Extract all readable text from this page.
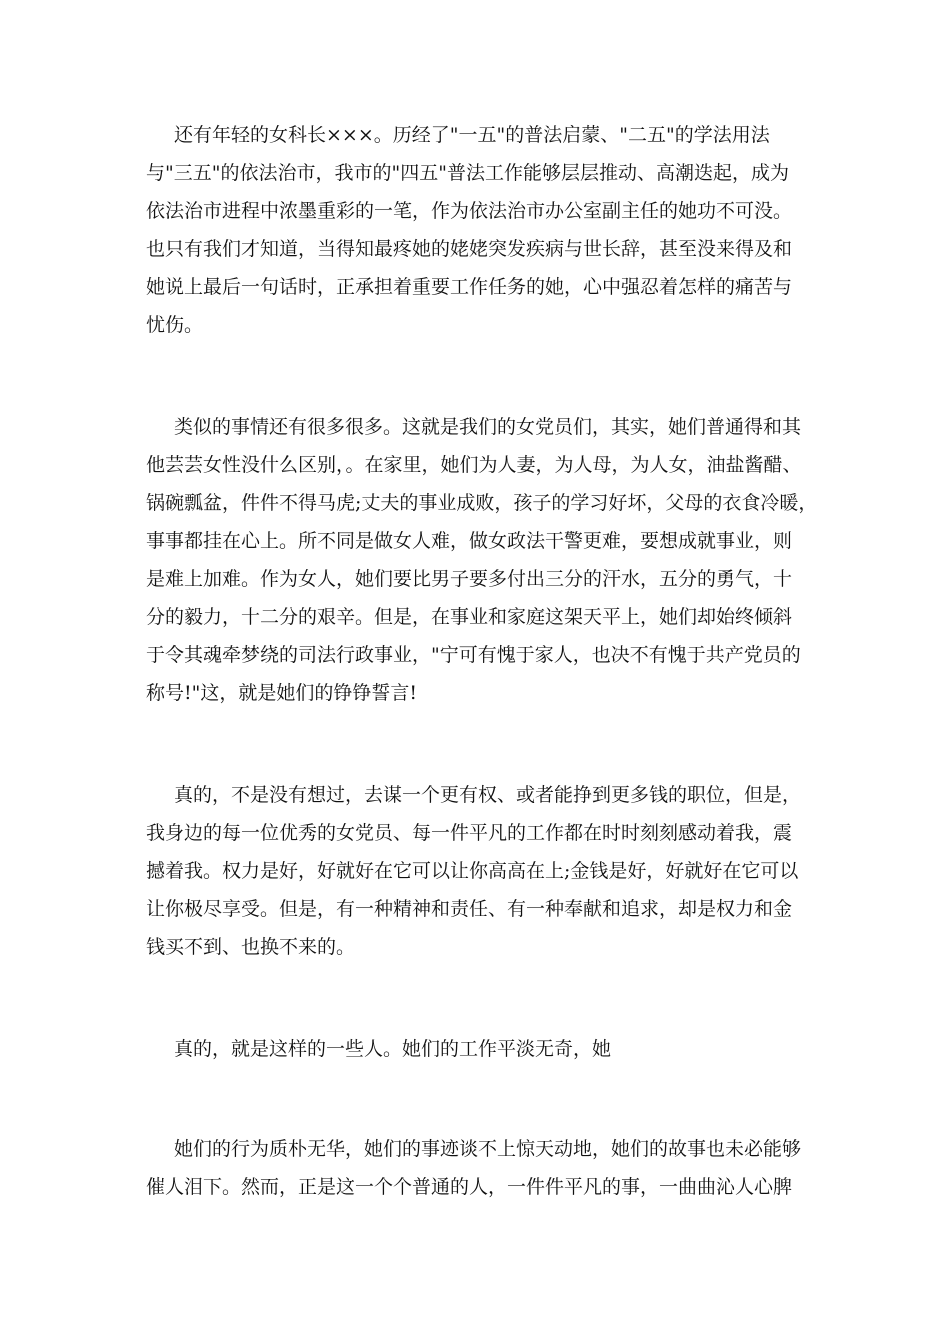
还有年轻的女科长×××。历经了"一五"的普法启蒙、"二五"的学法用法

与"三五"的依法治市，我市的"四五"普法工作能够层层推动、高潮迭起，成为

依法治市进程中浓墨重彩的一笔，作为依法治市办公室副主任的她功不可没。

也只有我们才知道，当得知最疼她的姥姥突发疾病与世长辞，甚至没来得及和

她说上最后一句话时，正承担着重要工作任务的她，心中强忍着怎样的痛苦与

忧伤。

类似的事情还有很多很多。这就是我们的女党员们，其实，她们普通得和其

他芸芸女性没什么区别，。在家里，她们为人妻，为人母，为人女，油盐酱醋、

锅碗瓢盆，件件不得马虎;丈夫的事业成败，孩子的学习好坏，父母的衣食冷暖，

事事都挂在心上。所不同是做女人难，做女政法干警更难，要想成就事业，则

是难上加难。作为女人，她们要比男子要多付出三分的汗水，五分的勇气，十

分的毅力，十二分的艰辛。但是，在事业和家庭这架天平上，她们却始终倾斜

于令其魂牵梦绕的司法行政事业，"宁可有愧于家人，也决不有愧于共产党员的

称号!"这，就是她们的铮铮誓言!

真的，不是没有想过，去谋一个更有权、或者能挣到更多钱的职位，但是，

我身边的每一位优秀的女党员、每一件平凡的工作都在时时刻刻感动着我，震

撼着我。权力是好，好就好在它可以让你高高在上;金钱是好，好就好在它可以

让你极尽享受。但是，有一种精神和责任、有一种奉献和追求，却是权力和金

钱买不到、也换不来的。

真的，就是这样的一些人。她们的工作平淡无奇，她

她们的行为质朴无华，她们的事迹谈不上惊天动地，她们的故事也未必能够

催人泪下。然而，正是这一个个普通的人，一件件平凡的事，一曲曲沁人心脾
